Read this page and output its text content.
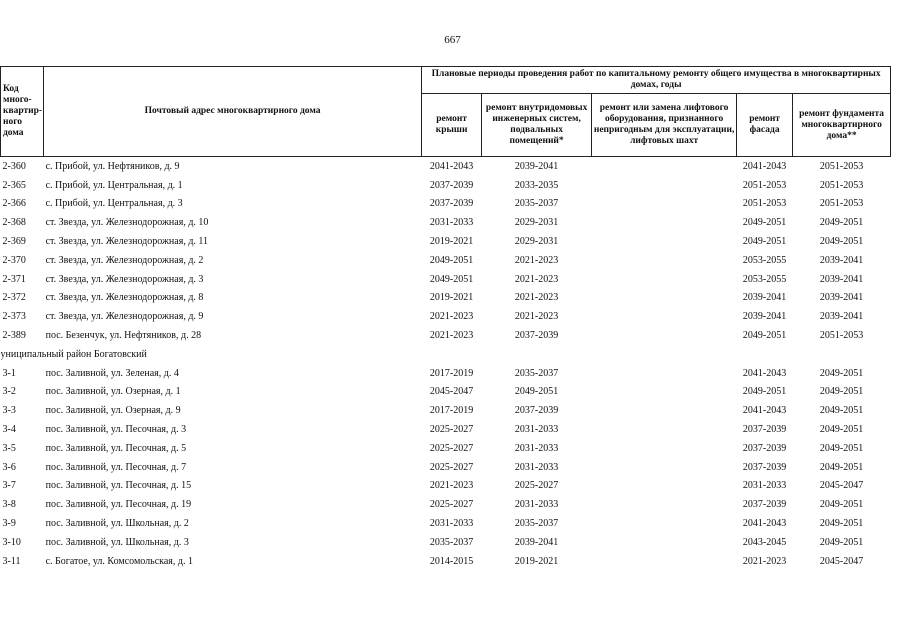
667
Код много-квартир-ного дома	Почтовый адрес многоквартирного дома	Плановые периоды проведения работ по капитальному ремонту общего имущества в многоквартирных домах, годы				
		ремонт крыши	ремонт внутридомовых инженерных систем, подвальных помещений*	ремонт или замена лифтового оборудования, признанного непригодным для эксплуатации, лифтовых шахт	ремонт фасада	ремонт фундамента многоквартирного дома**
2-360	с. Прибой, ул. Нефтяников, д. 9	2041-2043	2039-2041		2041-2043	2051-2053
2-365	с. Прибой, ул. Центральная, д. 1	2037-2039	2033-2035		2051-2053	2051-2053
2-366	с. Прибой, ул. Центральная, д. 3	2037-2039	2035-2037		2051-2053	2051-2053
2-368	ст. Звезда, ул. Железнодорожная, д. 10	2031-2033	2029-2031		2049-2051	2049-2051
2-369	ст. Звезда, ул. Железнодорожная, д. 11	2019-2021	2029-2031		2049-2051	2049-2051
2-370	ст. Звезда, ул. Железнодорожная, д. 2	2049-2051	2021-2023		2053-2055	2039-2041
2-371	ст. Звезда, ул. Железнодорожная, д. 3	2049-2051	2021-2023		2053-2055	2039-2041
2-372	ст. Звезда, ул. Железнодорожная, д. 8	2019-2021	2021-2023		2039-2041	2039-2041
2-373	ст. Звезда, ул. Железнодорожная, д. 9	2021-2023	2021-2023		2039-2041	2039-2041
2-389	пос. Безенчук, ул. Нефтяников, д. 28	2021-2023	2037-2039		2049-2051	2051-2053
униципальный район Богатовский						
3-1	пос. Заливной, ул. Зеленая, д. 4	2017-2019	2035-2037		2041-2043	2049-2051
3-2	пос. Заливной, ул. Озерная, д. 1	2045-2047	2049-2051		2049-2051	2049-2051
3-3	пос. Заливной, ул. Озерная, д. 9	2017-2019	2037-2039		2041-2043	2049-2051
3-4	пос. Заливной, ул. Песочная, д. 3	2025-2027	2031-2033		2037-2039	2049-2051
3-5	пос. Заливной, ул. Песочная, д. 5	2025-2027	2031-2033		2037-2039	2049-2051
3-6	пос. Заливной, ул. Песочная, д. 7	2025-2027	2031-2033		2037-2039	2049-2051
3-7	пос. Заливной, ул. Песочная, д. 15	2021-2023	2025-2027		2031-2033	2045-2047
3-8	пос. Заливной, ул. Песочная, д. 19	2025-2027	2031-2033		2037-2039	2049-2051
3-9	пос. Заливной, ул. Школьная, д. 2	2031-2033	2035-2037		2041-2043	2049-2051
3-10	пос. Заливной, ул. Школьная, д. 3	2035-2037	2039-2041		2043-2045	2049-2051
3-11	с. Богатое, ул. Комсомольская, д. 1	2014-2015	2019-2021		2021-2023	2045-2047
